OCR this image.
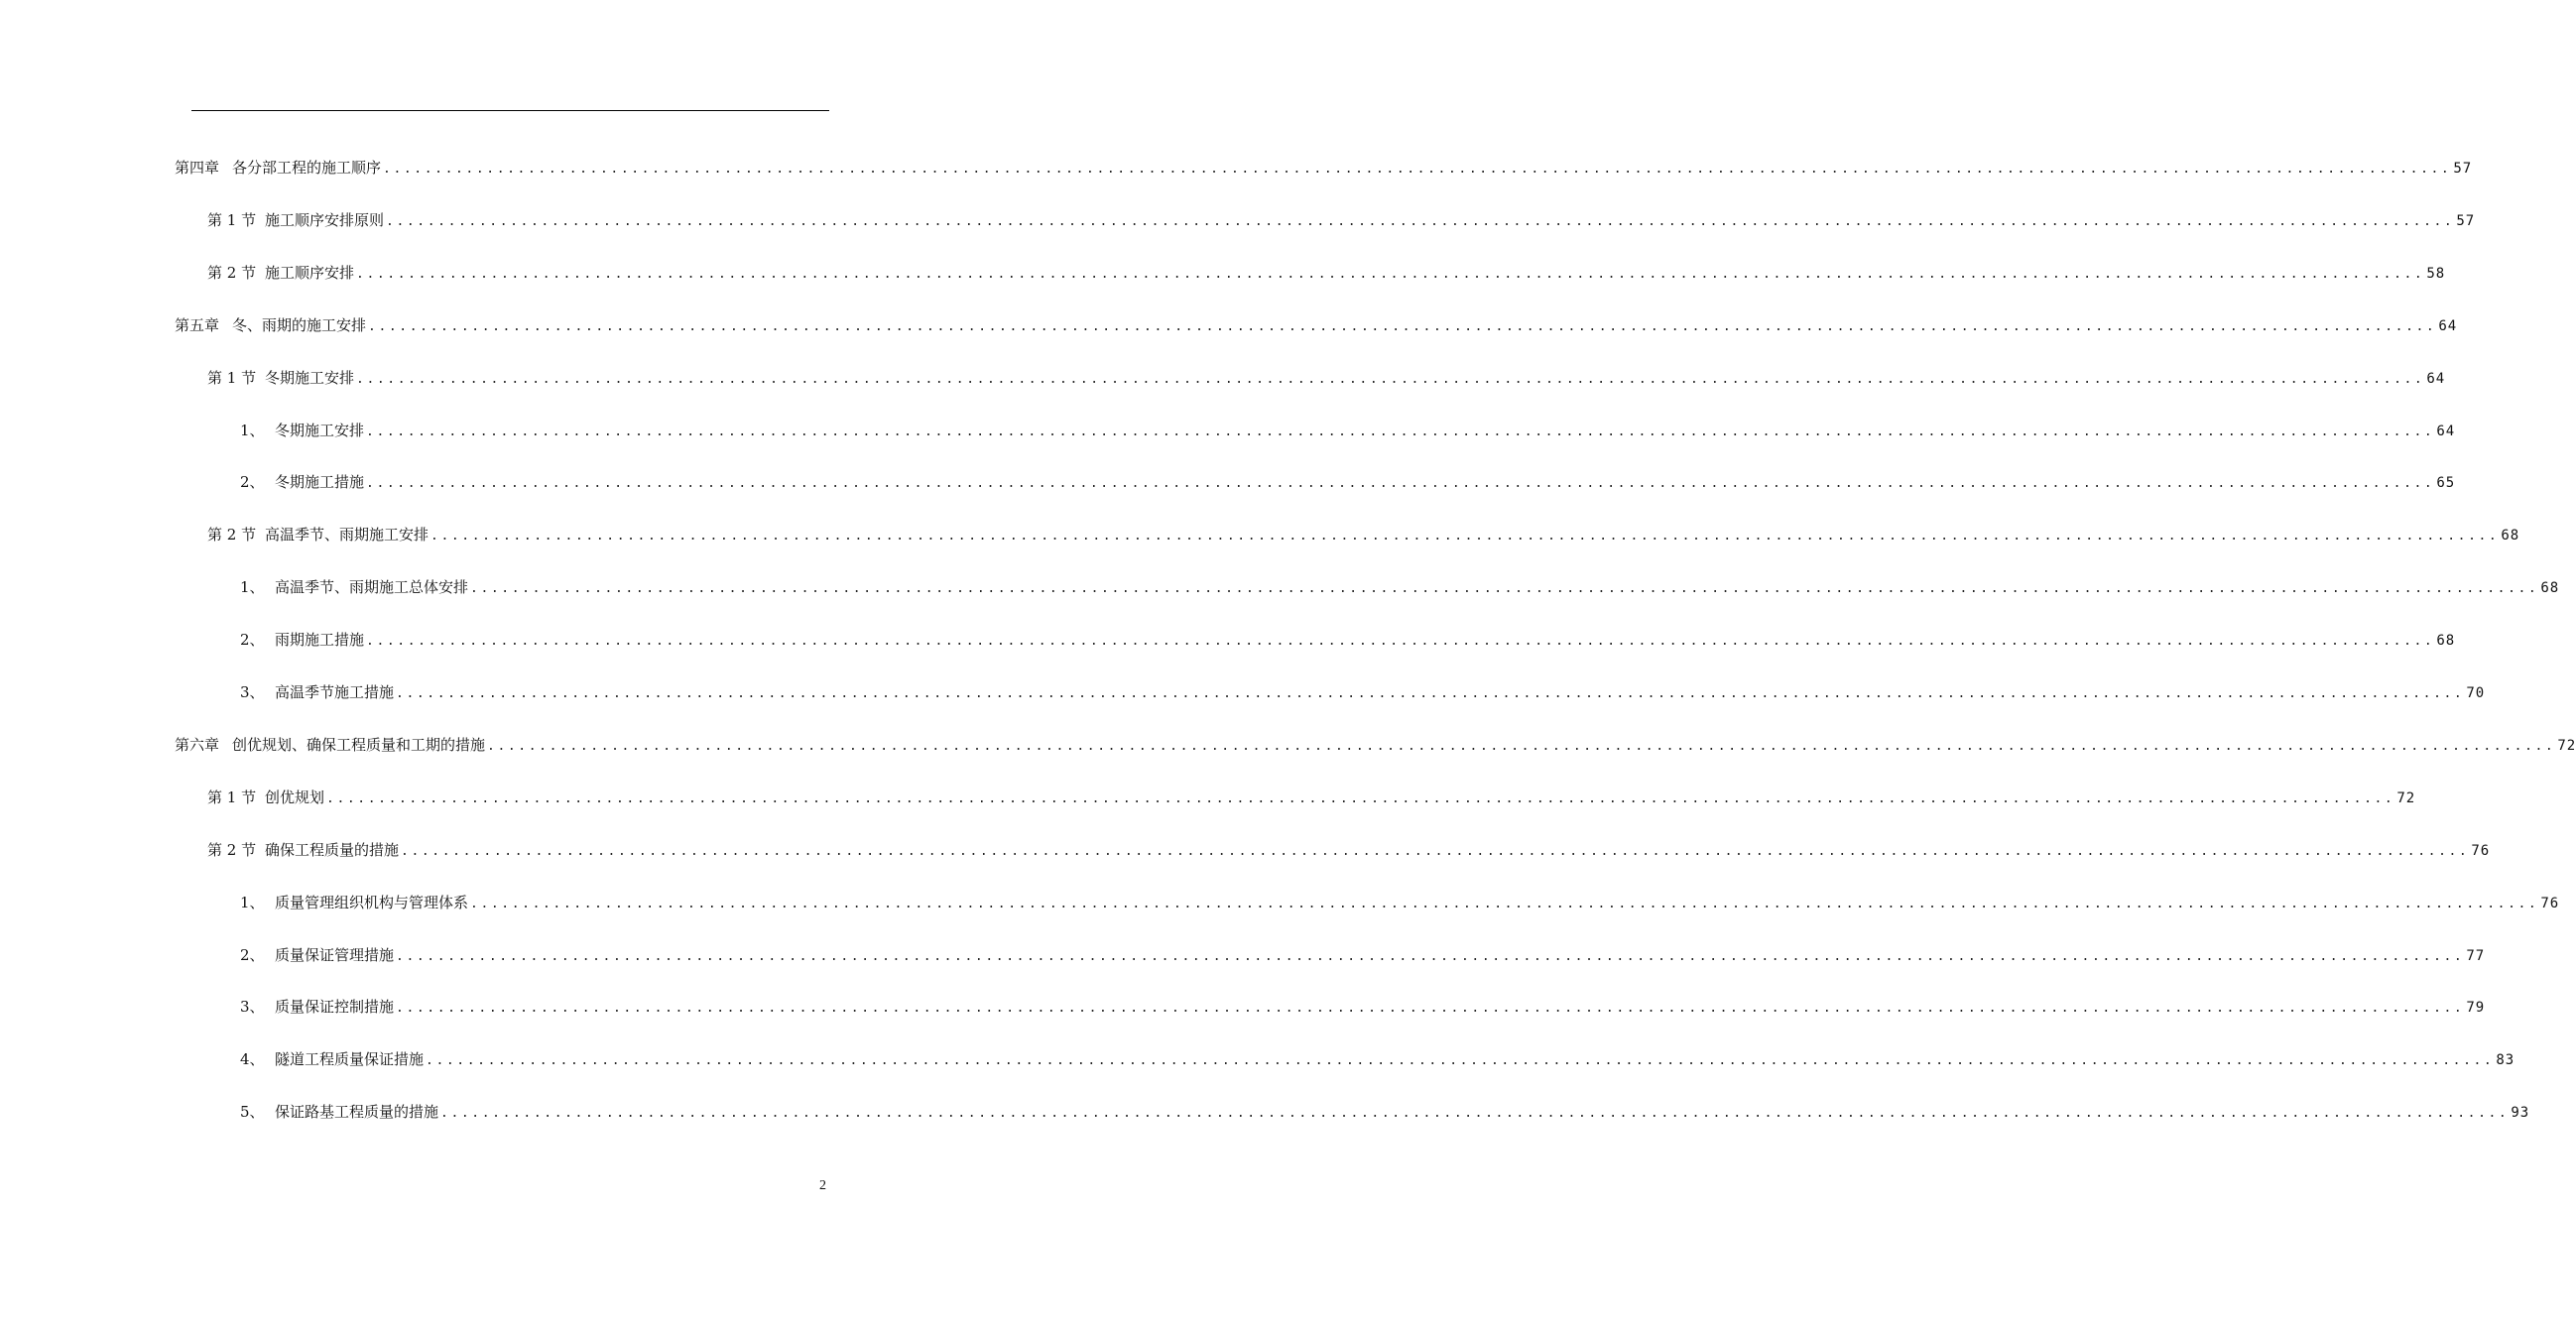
第四章 各分部工程的施工顺序 ........................................................................................................................................................................................................ 57
第 1 节 施工顺序安排原则 ........................................................................................................................................................................................................ 57
第 2 节 施工顺序安排 ........................................................................................................................................................................................................ 58
第五章 冬、雨期的施工安排 ........................................................................................................................................................................................................ 64
第 1 节 冬期施工安排 ........................................................................................................................................................................................................ 64
1、 冬期施工安排 ........................................................................................................................................................................................................ 64
2、 冬期施工措施 ........................................................................................................................................................................................................ 65
第 2 节 高温季节、雨期施工安排 ........................................................................................................................................................................................................ 68
1、 高温季节、雨期施工总体安排 ........................................................................................................................................................................................................ 68
2、 雨期施工措施 ........................................................................................................................................................................................................ 68
3、 高温季节施工措施 ........................................................................................................................................................................................................ 70
第六章 创优规划、确保工程质量和工期的措施 ........................................................................................................................................................................................................ 72
第 1 节 创优规划 ........................................................................................................................................................................................................ 72
第 2 节 确保工程质量的措施 ........................................................................................................................................................................................................ 76
1、 质量管理组织机构与管理体系 ........................................................................................................................................................................................................ 76
2、 质量保证管理措施 ........................................................................................................................................................................................................ 77
3、 质量保证控制措施 ........................................................................................................................................................................................................ 79
4、 隧道工程质量保证措施 ........................................................................................................................................................................................................ 83
5、 保证路基工程质量的措施 ........................................................................................................................................................................................................ 93
2
